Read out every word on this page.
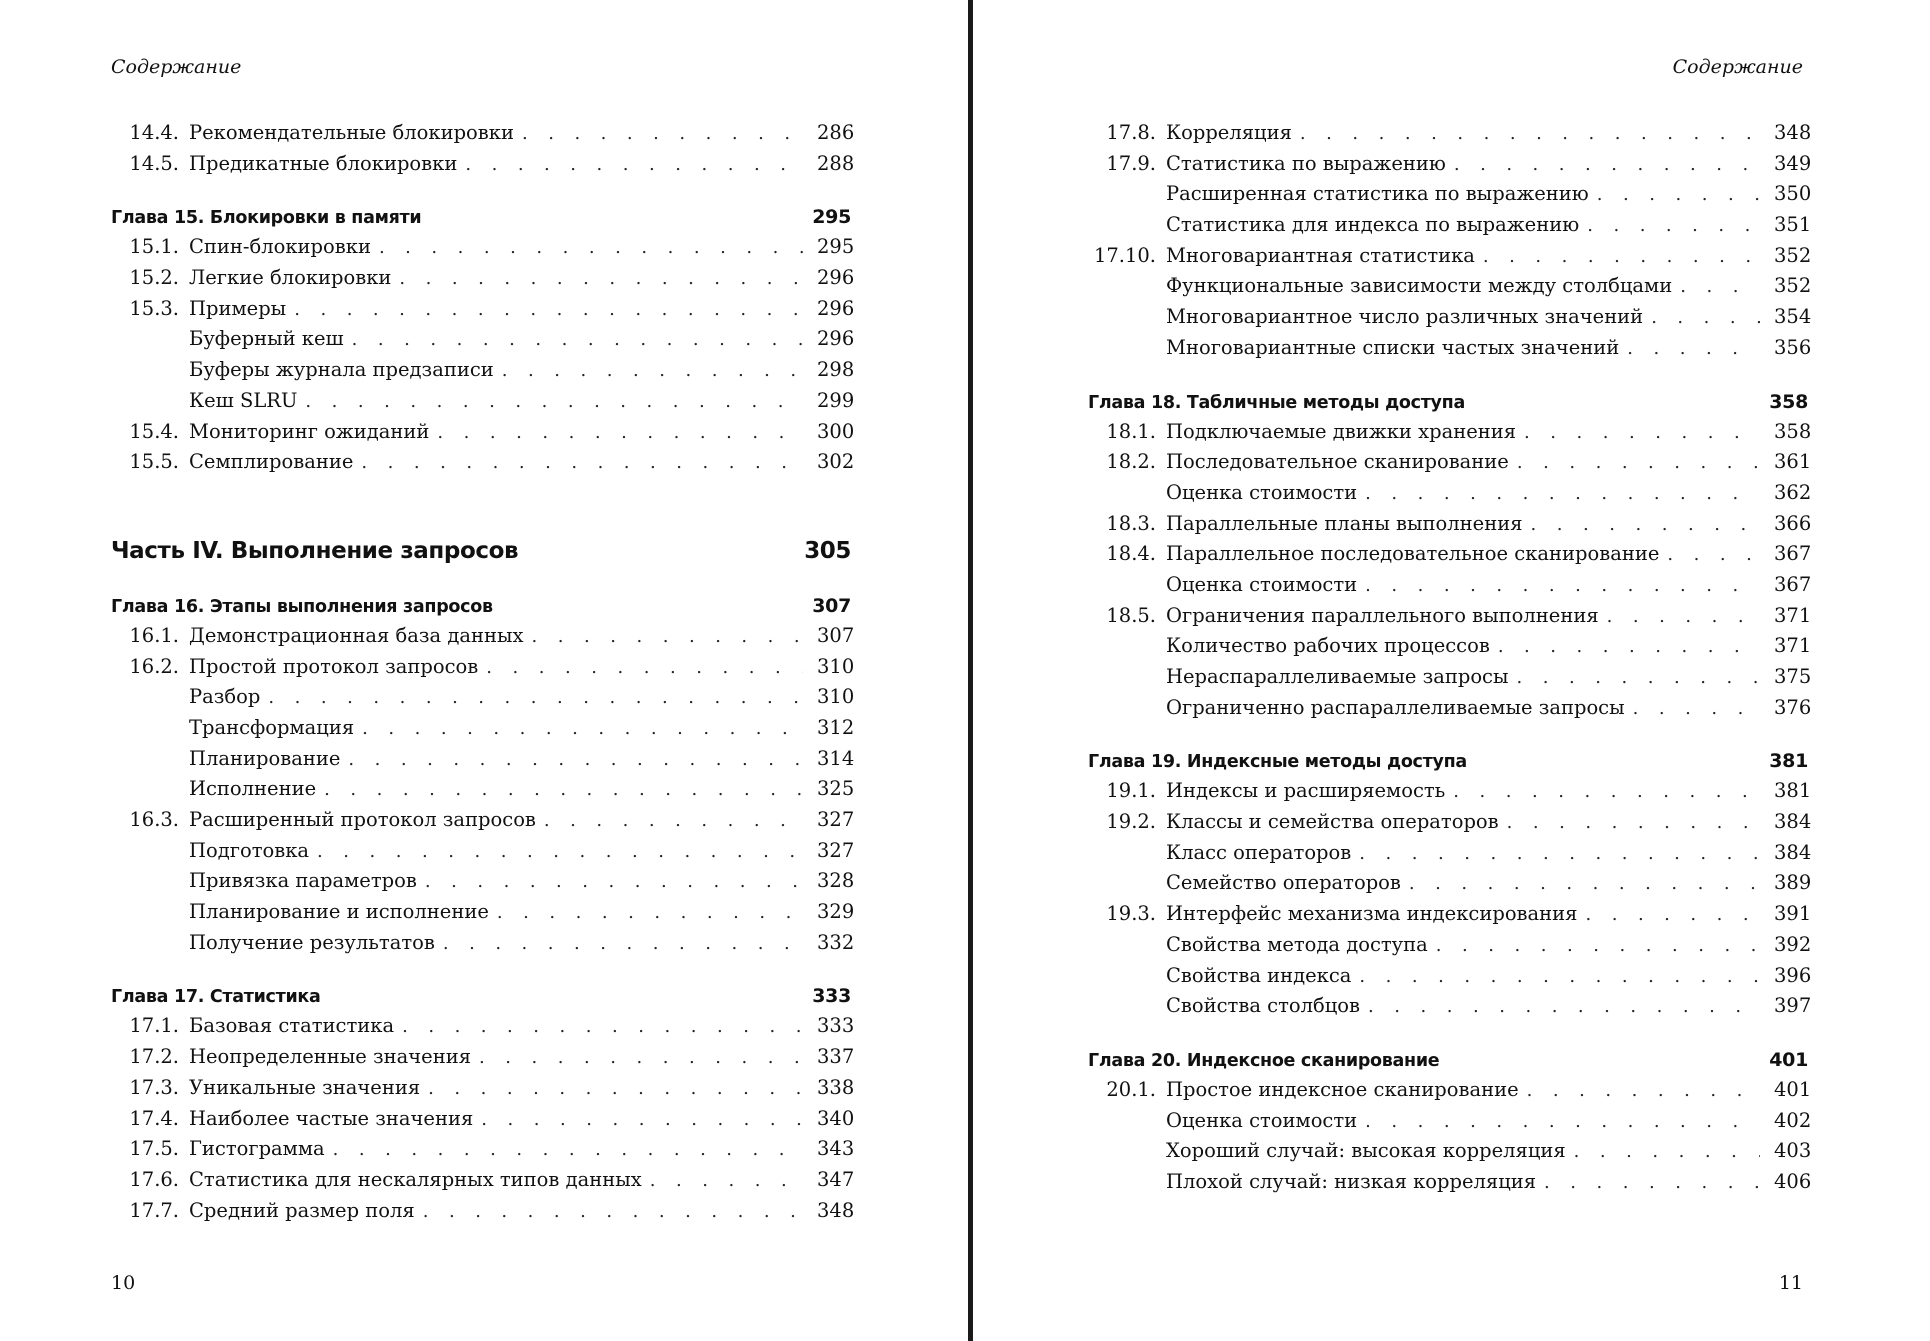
Содержание
14.4. Рекомендательные блокировки . . .	286
14.5. Предикатные блокировки . . .	288
Глава 15. Блокировки в памяти	295
15.1. Спин-блокировки . . .	295
15.2. Легкие блокировки . . .	296
15.3. Примеры . . .	296
Буферный кеш . . .	296
Буферы журнала предзаписи . . .	298
Кеш SLRU . . .	299
15.4. Мониторинг ожиданий . . .	300
15.5. Семплирование . . .	302
Часть IV. Выполнение запросов	305
Глава 16. Этапы выполнения запросов	307
16.1. Демонстрационная база данных . . .	307
16.2. Простой протокол запросов . . .	310
Разбор . . .	310
Трансформация . . .	312
Планирование . . .	314
Исполнение . . .	325
16.3. Расширенный протокол запросов . . .	327
Подготовка . . .	327
Привязка параметров . . .	328
Планирование и исполнение . . .	329
Получение результатов . . .	332
Глава 17. Статистика	333
17.1. Базовая статистика . . .	333
17.2. Неопределенные значения . . .	337
17.3. Уникальные значения . . .	338
17.4. Наиболее частые значения . . .	340
17.5. Гистограмма . . .	343
17.6. Статистика для нескалярных типов данных . . .	347
17.7. Средний размер поля . . .	348
10
Содержание
17.8. Корреляция . . .	348
17.9. Статистика по выражению . . .	349
Расширенная статистика по выражению . . .	350
Статистика для индекса по выражению . . .	351
17.10. Многовариантная статистика . . .	352
Функциональные зависимости между столбцами . . .	352
Многовариантное число различных значений . . .	354
Многовариантные списки частых значений . . .	356
Глава 18. Табличные методы доступа	358
18.1. Подключаемые движки хранения . . .	358
18.2. Последовательное сканирование . . .	361
Оценка стоимости . . .	362
18.3. Параллельные планы выполнения . . .	366
18.4. Параллельное последовательное сканирование . . .	367
Оценка стоимости . . .	367
18.5. Ограничения параллельного выполнения . . .	371
Количество рабочих процессов . . .	371
Нераспараллеливаемые запросы . . .	375
Ограниченно распараллеливаемые запросы . . .	376
Глава 19. Индексные методы доступа	381
19.1. Индексы и расширяемость . . .	381
19.2. Классы и семейства операторов . . .	384
Класс операторов . . .	384
Семейство операторов . . .	389
19.3. Интерфейс механизма индексирования . . .	391
Свойства метода доступа . . .	392
Свойства индекса . . .	396
Свойства столбцов . . .	397
Глава 20. Индексное сканирование	401
20.1. Простое индексное сканирование . . .	401
Оценка стоимости . . .	402
Хороший случай: высокая корреляция . . .	403
Плохой случай: низкая корреляция . . .	406
11
